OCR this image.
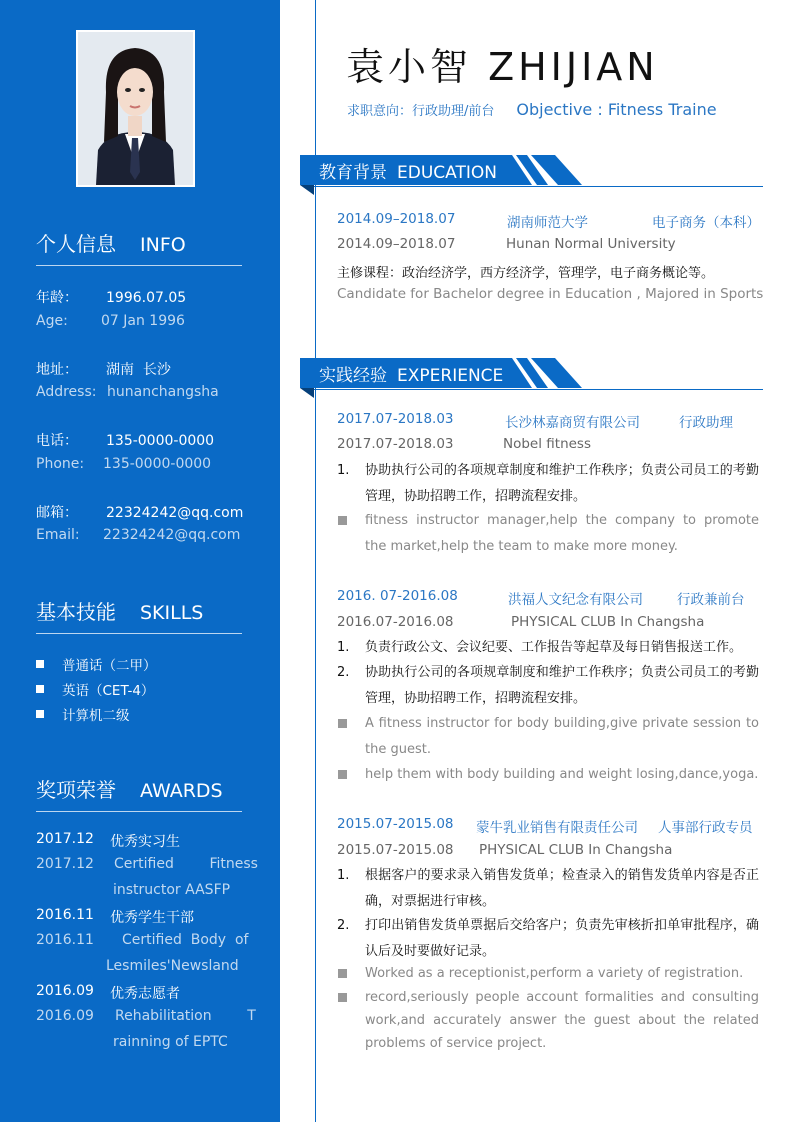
个人信息 INFO
年龄： 1996.07.05
Age: 07 Jan 1996
地址： 湖南  长沙
Address: hunanchangsha
电话： 135-0000-0000
Phone: 135-0000-0000
邮箱： 22324242@qq.com
Email: 22324242@qq.com
基本技能 SKILLS
普通话（二甲）
英语（CET-4）
计算机二级
奖项荣誉 AWARDS
2017.12 优秀实习生
2017.12 Certified        Fitness
instructor AASFP
2016.11 优秀学生干部
2016.11 Certified  Body  of
Lesmiles'Newsland
2016.09 优秀志愿者
2016.09 Rehabilitation        T
rainning of EPTC
袁小智 ZHIJIAN
求职意向：行政助理/前台 Objective : Fitness Traine
教育背景 EDUCATION
2014.09–2018.07	湖南师范大学	电子商务（本科）
2014.09–2018.07	Hunan Normal University
主修课程：政治经济学，西方经济学，管理学，电子商务概论等。
Candidate for Bachelor degree in Education , Majored in Sports
实践经验 EXPERIENCE
2017.07-2018.03	长沙林嘉商贸有限公司	行政助理
2017.07-2018.03	Nobel fitness
1. 协助执行公司的各项规章制度和维护工作秩序；负责公司员工的考勤管理，协助招聘工作，招聘流程安排。
fitness instructor manager,help the company to promote the market,help the team to make more money.
2016. 07-2016.08	洪福人文纪念有限公司	行政兼前台
2016.07-2016.08	PHYSICAL CLUB In Changsha
1. 负责行政公文、会议纪要、工作报告等起草及每日销售报送工作。
2. 协助执行公司的各项规章制度和维护工作秩序；负责公司员工的考勤管理，协助招聘工作，招聘流程安排。
A fitness instructor for body building,give private session to the guest.
help them with body building and weight losing,dance,yoga.
2015.07-2015.08 蒙牛乳业销售有限责任公司 人事部行政专员
2015.07-2015.08 PHYSICAL CLUB In Changsha
1. 根据客户的要求录入销售发货单；检查录入的销售发货单内容是否正确，对票据进行审核。
2. 打印出销售发货单票据后交给客户；负责先审核折扣单审批程序，确认后及时要做好记录。
Worked as a receptionist,perform a variety of registration.
record,seriously people account formalities and consulting work,and accurately answer the guest about the related problems of service project.
